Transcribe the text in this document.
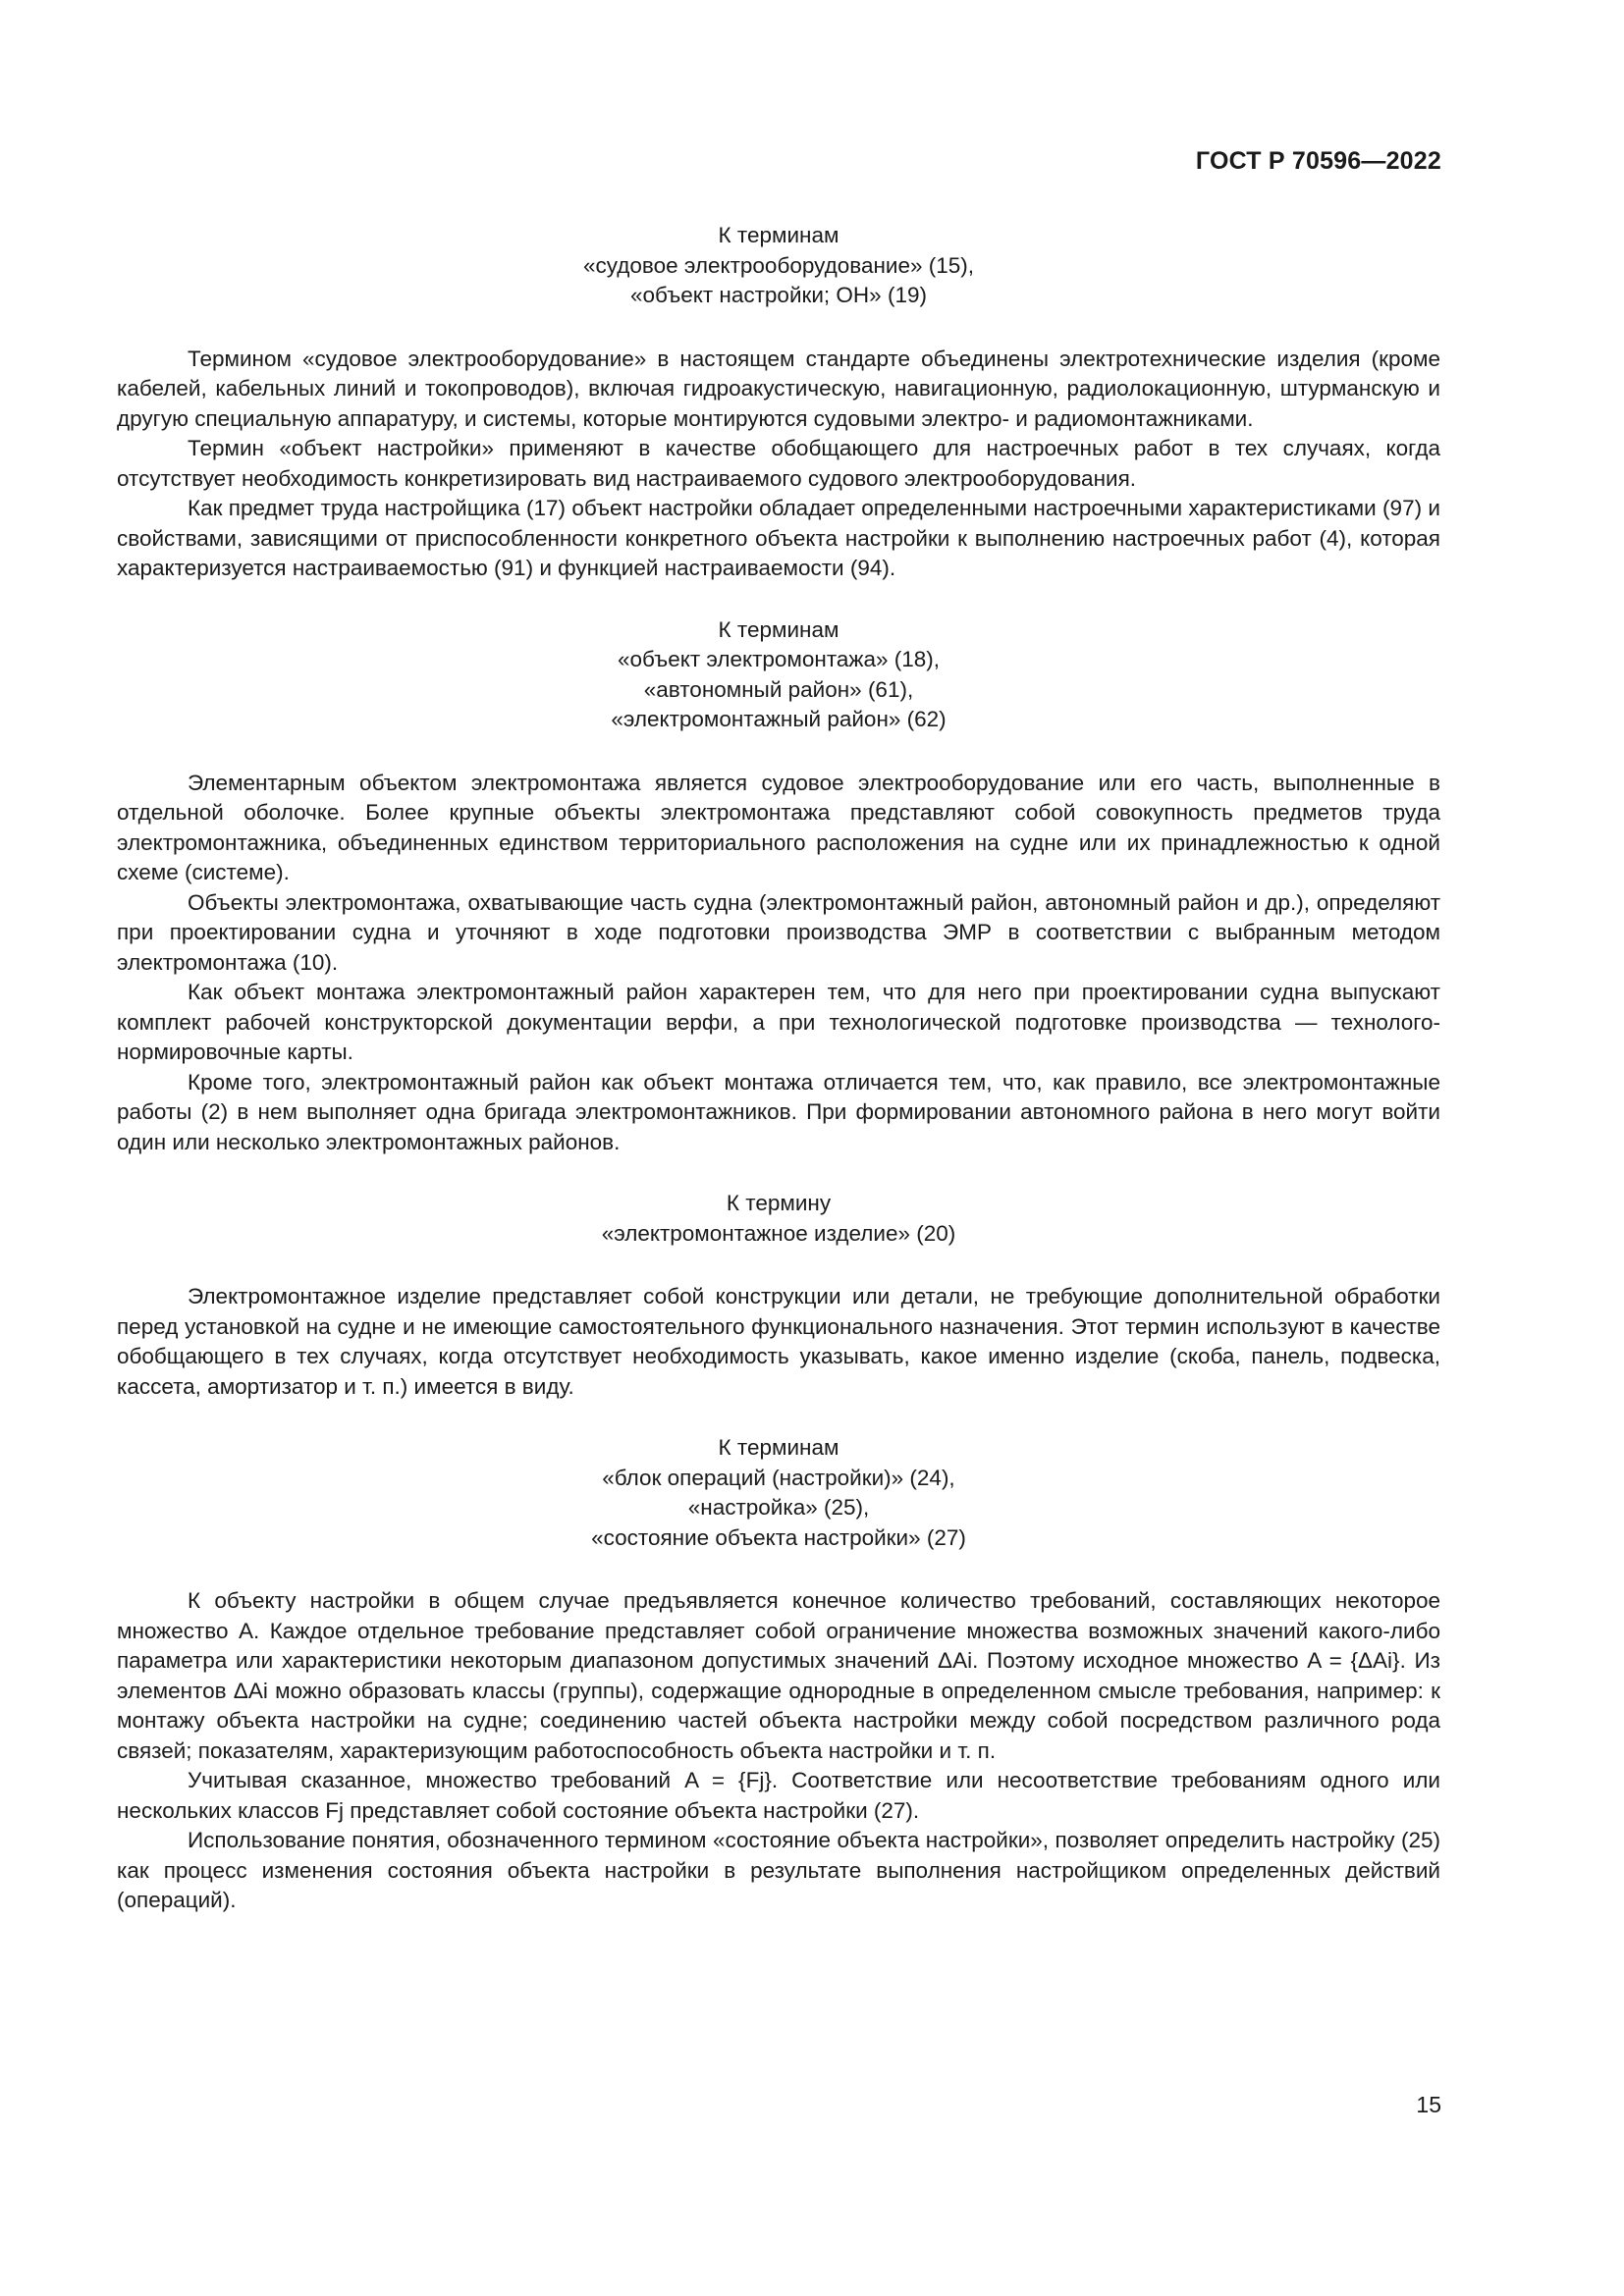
ГОСТ Р 70596—2022
К терминам
«судовое электрооборудование» (15),
«объект настройки; ОН» (19)

Термином «судовое электрооборудование» в настоящем стандарте объединены электротехнические изделия (кроме кабелей, кабельных линий и токопроводов), включая гидроакустическую, навигационную, радиолокационную, штурманскую и другую специальную аппаратуру, и системы, которые монтируются судовыми электро- и радиомонтажниками.

Термин «объект настройки» применяют в качестве обобщающего для настроечных работ в тех случаях, когда отсутствует необходимость конкретизировать вид настраиваемого судового электрооборудования.

Как предмет труда настройщика (17) объект настройки обладает определенными настроечными характеристиками (97) и свойствами, зависящими от приспособленности конкретного объекта настройки к выполнению настроечных работ (4), которая характеризуется настраиваемостью (91) и функцией настраиваемости (94).

К терминам
«объект электромонтажа» (18),
«автономный район» (61),
«электромонтажный район» (62)

Элементарным объектом электромонтажа является судовое электрооборудование или его часть, выполненные в отдельной оболочке. Более крупные объекты электромонтажа представляют собой совокупность предметов труда электромонтажника, объединенных единством территориального расположения на судне или их принадлежностью к одной схеме (системе).

Объекты электромонтажа, охватывающие часть судна (электромонтажный район, автономный район и др.), определяют при проектировании судна и уточняют в ходе подготовки производства ЭМР в соответствии с выбранным методом электромонтажа (10).

Как объект монтажа электромонтажный район характерен тем, что для него при проектировании судна выпускают комплект рабочей конструкторской документации верфи, а при технологической подготовке производства — технолого-нормировочные карты.

Кроме того, электромонтажный район как объект монтажа отличается тем, что, как правило, все электромонтажные работы (2) в нем выполняет одна бригада электромонтажников. При формировании автономного района в него могут войти один или несколько электромонтажных районов.

К термину
«электромонтажное изделие» (20)

Электромонтажное изделие представляет собой конструкции или детали, не требующие дополнительной обработки перед установкой на судне и не имеющие самостоятельного функционального назначения. Этот термин используют в качестве обобщающего в тех случаях, когда отсутствует необходимость указывать, какое именно изделие (скоба, панель, подвеска, кассета, амортизатор и т. п.) имеется в виду.

К терминам
«блок операций (настройки)» (24),
«настройка» (25),
«состояние объекта настройки» (27)

К объекту настройки в общем случае предъявляется конечное количество требований, составляющих некоторое множество A. Каждое отдельное требование представляет собой ограничение множества возможных значений какого-либо параметра или характеристики некоторым диапазоном допустимых значений ΔAi. Поэтому исходное множество A = {ΔAi}. Из элементов ΔAi можно образовать классы (группы), содержащие однородные в определенном смысле требования, например: к монтажу объекта настройки на судне; соединению частей объекта настройки между собой посредством различного рода связей; показателям, характеризующим работоспособность объекта настройки и т. п.

Учитывая сказанное, множество требований A = {Fj}. Соответствие или несоответствие требованиям одного или нескольких классов Fj представляет собой состояние объекта настройки (27).

Использование понятия, обозначенного термином «состояние объекта настройки», позволяет определить настройку (25) как процесс изменения состояния объекта настройки в результате выполнения настройщиком определенных действий (операций).

15
